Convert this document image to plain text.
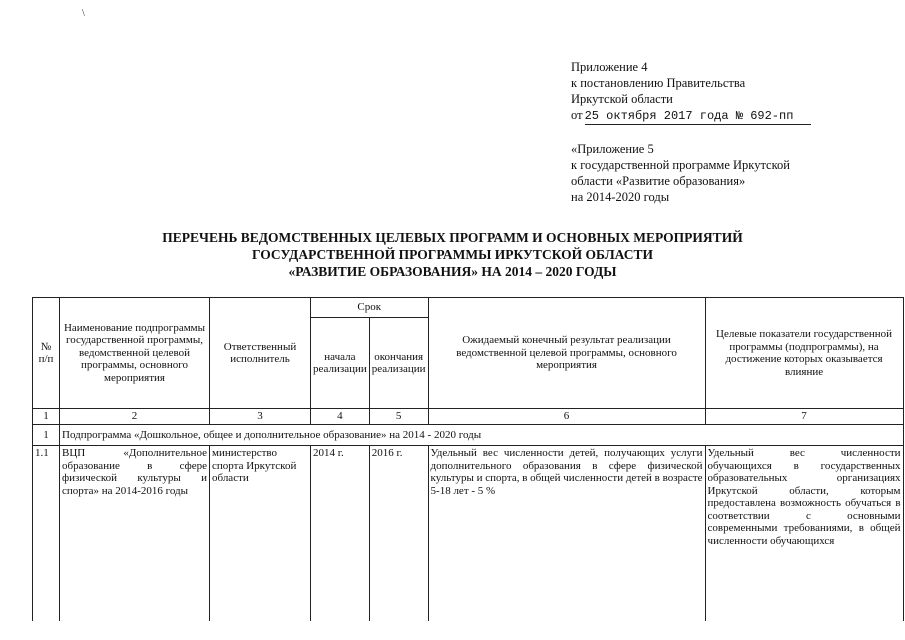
\
Приложение 4
к постановлению Правительства
Иркутской области
от 25 октября 2017 года № 692-пп
«Приложение 5
к государственной программе Иркутской
области «Развитие образования»
на 2014-2020 годы
ПЕРЕЧЕНЬ ВЕДОМСТВЕННЫХ ЦЕЛЕВЫХ ПРОГРАММ И ОСНОВНЫХ МЕРОПРИЯТИЙ
ГОСУДАРСТВЕННОЙ ПРОГРАММЫ ИРКУТСКОЙ ОБЛАСТИ
«РАЗВИТИЕ ОБРАЗОВАНИЯ» НА 2014 – 2020 ГОДЫ
№ п/п	Наименование подпрограммы государственной программы, ведомственной целевой программы, основного мероприятия	Ответственный исполнитель	Срок		Ожидаемый конечный результат реализации ведомственной целевой программы, основного мероприятия	Целевые показатели государственной программы (подпрограммы), на достижение которых оказывается влияние
			начала реализации	окончания реализации		
1	2	3	4	5	6	7
1	Подпрограмма «Дошкольное, общее и дополнительное образование» на 2014 - 2020 годы					
1.1	ВЦП «Дополнительное образование в сфере физической культуры и спорта» на 2014-2016 годы	министерство спорта Иркутской области	2014 г.	2016 г.	Удельный вес численности детей, получающих услуги дополнительного образования в сфере физической культуры и спорта, в общей численности детей в возрасте 5-18 лет - 5 %	Удельный вес численности обучающихся в государственных образовательных организациях Иркутской области, которым предоставлена возможность обучаться в соответствии с основными современными требованиями, в общей численности обучающихся
